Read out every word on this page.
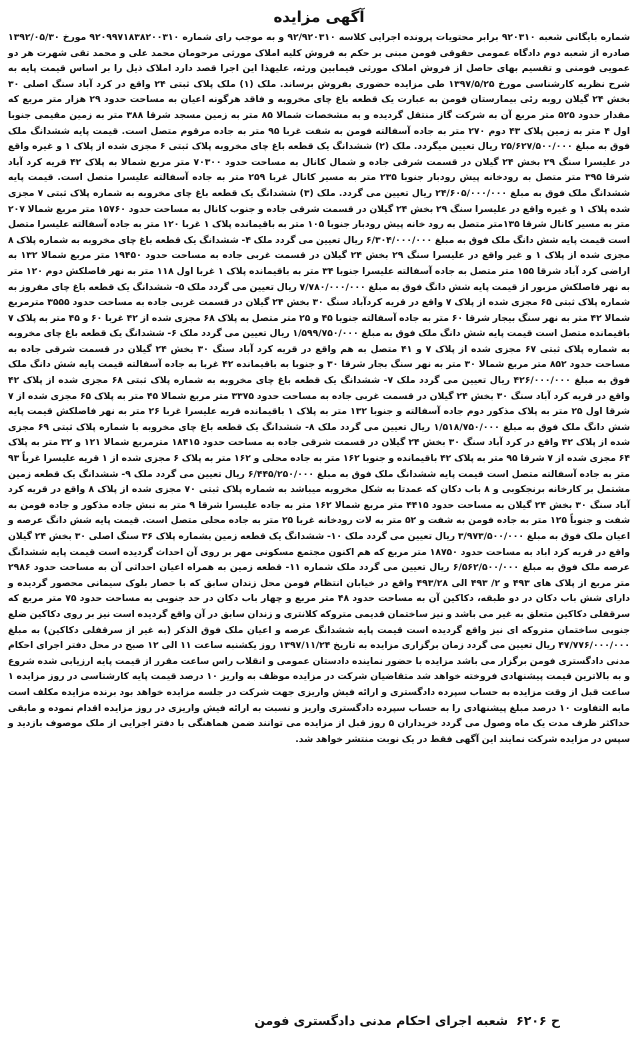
آگهی مزایده

شماره بایگانی شعبه ۹۲۰۳۱۰ برابر محتویات پرونده اجرایی کلاسه ۹۲/۹۲۰۳۱۰ و به موجب رای شماره ۹۲۰۹۹۷۱۸۳۸۲۰۰۳۱۰ مورخ ۱۳۹۲/۰۵/۳۰ صادره از شعبه دوم دادگاه عمومی حقوقی فومن مبنی بر حکم به فروش کلیه املاک مورثی مرحومان محمد علی و محمد تقی شهرت هر دو عمویی فومنی و تقسیم بهای حاصل از فروش املاک مورثی فیمابین ورثه، علیهذا این اجرا قصد دارد املاک ذیل را بر اساس قیمت پایه به شرح نظریه کارشناسی مورخ ۱۳۹۷/۵/۲۵ طی مزایده حضوری بفروش برساند. ملک (۱) ملک پلاک ثبتی ۲۴ واقع در کرد آباد سنگ اصلی ۳۰ بخش ۲۴ گیلان روبه رئی بیمارستان فومن به عبارت یک قطعه باغ چای مخروبه و فاقد هرگونه اعیان به مساحت حدود ۲۹ هزار متر مربع که مقدار حدود ۵۲۵ متر مربع آن به شرکت گاز منتقل گردیده و به مشخصات شمالا ۸۵ متر به زمین مسجد شرقا ۳۸۸ متر به زمین مقیمی جنوبا اول ۴ متر به زمین پلاک ۴۳ دوم ۲۷۰ متر به جاده آسفالته فومن به شفت غربا ۹۵ متر به جاده مرقوم متصل است. قیمت پایه ششدانگ ملک فوق به مبلغ ۲۵/۶۲۷/۵۰۰/۰۰۰ ریال تعیین میگردد. ملک (۲) ششدانگ یک قطعه باغ چای مخروبه پلاک ثبتی ۶ مجزی شده از پلاک ۱ و غیره واقع در علیسرا سنگ ۲۹ بخش ۲۴ گیلان در قسمت شرقی جاده و شمال کانال به مساحت حدود ۷۰۳۰۰ متر مربع شمالا به پلاک ۴۲ قریه کرد آباد شرقا ۳۹۵ متر متصل به رودخانه پیش رودبار جنوبا ۲۳۵ متر به مسیر کانال غربا ۲۵۹ متر به جاده آسفالته علیسرا متصل است. قیمت پایه ششدانگ ملک فوق به مبلغ ۲۴/۶۰۵/۰۰۰/۰۰۰ ریال تعیین می گردد. ملک (۳) ششدانگ یک قطعه باغ چای مخروبه به شماره پلاک ثبتی ۷ مجزی شده پلاک ۱ و غیره واقع در علیسرا سنگ ۲۹ بخش ۲۴ گیلان در قسمت شرقی جاده و جنوب کانال به مساحت حدود ۱۵۷۶۰ متر مربع شمالا ۲۰۷ متر به مسیر کانال شرقا ۱۳۵متر متصل به رود خانه پیش رودبار جنوبا ۱۰۵ متر به باقیمانده پلاک ۱ غربا ۱۲۰ متر به جاده آسفالته علیسرا متصل است قیمت پایه شش دانگ ملک فوق به مبلغ ۶/۳۰۴/۰۰۰/۰۰۰ ریال تعیین می گردد ملک ۴- ششدانگ یک قطعه باغ چای مخروبه به شماره پلاک ۸ مجزی شده از پلاک ۱ و غیر واقع در علیسرا سنگ ۲۹ بخش ۲۴ گیلان در قسمت غربی جاده به مساحت حدود ۱۹۴۵۰ متر مربع شمالا ۱۳۲ به اراضی کرد آباد شرقا ۱۵۵ متر متصل به جاده آسفالته علیسرا جنوبا ۳۴ متر به باقیمانده پلاک ۱ غربا اول ۱۱۸ متر به نهر فاصلکش دوم ۱۲۰ متر به نهر فاصلکش مزبور از قیمت پایه شش دانگ فوق به مبلغ ۷/۷۸۰/۰۰۰/۰۰۰ ریال تعیین می گردد ملک ۵- ششدانگ یک قطعه باغ چای مفروز به شماره پلاک ثبتی ۶۵ مجزی شده از پلاک ۷ واقع در قریه کردآباد سنگ ۳۰ بخش ۲۴ گیلان در قسمت غربی جاده به مساحت حدود ۳۵۵۵ مترمربع شمالا ۴۲ متر به نهر سنگ بیجار شرقا ۶۰ متر به جاده آسفالته جنوبا ۴۵ و ۲۵ متر متصل به پلاک ۶۸ مجزی شده از ۴۲ غربا ۶۰ و ۴۵ متر به پلاک ۷ باقیمانده متصل است قیمت پایه شش دانگ ملک فوق به مبلغ ۱/۵۹۹/۷۵۰/۰۰۰ ریال تعیین می گردد ملک ۶- ششدانگ یک قطعه باغ چای مخروبه به شماره پلاک ثبتی ۶۷ مجزی شده از پلاک ۷ و ۴۱ متصل به هم واقع در قریه کرد آباد سنگ ۳۰ بخش ۲۴ گیلان در قسمت شرقی جاده به مساحت حدود ۸۵۲ متر مربع شمالا ۳۰ متر به نهر سنگ بجار شرقا ۳۰ و جنوبا به باقیمانده ۴۲ غربا به جاده آسفالته قیمت پایه شش دانگ ملک فوق به مبلغ ۴۲۶/۰۰۰/۰۰۰ ریال تعیین می گردد ملک ۷- ششدانگ یک قطعه باغ چای مخروبه به شماره پلاک ثبتی ۶۸ مجزی شده از پلاک ۴۲ واقع در قریه کرد آباد سنگ ۳۰ بخش ۲۴ گیلان در قسمت غربی جاده به مساحت حدود ۳۳۷۵ متر مربع شمالا ۴۵ متر به پلاک ۶۵ مجزی شده از ۷ شرقا اول ۲۵ متر به پلاک مذکور دوم جاده آسفالته و جنوبا ۱۳۲ متر به پلاک ۱ باقیمانده قریه علیسرا غربا ۲۶ متر به نهر فاصلکش قیمت پایه شش دانگ ملک فوق به مبلغ ۱/۵۱۸/۷۵۰/۰۰۰ ریال تعیین می گردد ملک ۸- ششدانگ یک قطعه باغ چای مخروبه با شماره پلاک ثبتی ۶۹ مجزی شده از پلاک ۴۲ واقع در کرد آباد سنگ ۳۰ بخش ۲۴ گیلان در قسمت شرقی جاده به مساحت حدود ۱۸۴۱۵ مترمربع شمالا ۱۲۱ و ۳۲ متر به پلاک ۶۴ مجزی شده از ۷ شرقا ۹۵ متر به پلاک ۴۲ باقیمانده و جنوبا ۱۶۲ متر به جاده محلی و ۱۶۲ متر به پلاک ۶ مجزی شده از ۱ قریه علیسرا غرباً ۹۳ متر به جاده آسفالته متصل است قیمت پایه ششدانگ ملک فوق به مبلغ ۶/۴۴۵/۲۵۰/۰۰۰ ریال تعیین می گردد ملک ۹- ششدانگ یک قطعه زمین مشتمل بر کارخانه برنجکوبی و ۸ باب دکان که عمدتا به شکل مخروبه میباشد به شماره پلاک ثبتی ۷۰ مجزی شده از پلاک ۸ واقع در قریه کرد آباد سنگ ۳۰ بخش ۲۴ گیلان به مساحت حدود ۴۴۱۵ متر مربع شمالا ۱۶۲ متر به جاده علیسرا شرقا ۹ متر به نبش جاده مذکور و جاده فومن به شفت و جنوباً ۱۲۵ متر به جاده فومن به شفت و ۵۲ متر به لات رودخانه غربا ۲۵ متر به جاده محلی متصل است. قیمت پایه شش دانگ عرصه و اعیان ملک فوق به مبلغ ۳/۹۷۳/۵۰۰/۰۰۰ ریال تعیین می گردد ملک ۱۰- ششدانگ یک قطعه زمین بشماره پلاک ۳۶ سنگ اصلی ۳۰ بخش ۲۴ گیلان واقع در قریه کرد اباد به مساحت حدود ۱۸۷۵۰ متر مربع که هم اکنون مجتمع مسکونی مهر بر روی آن احداث گردیده است قیمت پایه ششدانگ عرصه ملک فوق به مبلغ ۶/۵۶۲/۵۰۰/۰۰۰ ریال تعیین می گردد ملک شماره ۱۱- قطعه زمین به همراه اعیان احداثی آن به مساحت حدود ۲۹۸۶ متر مربع از پلاک های ۴۹۳ و ۲/ ۴۹۳ الی ۴۹۳/۲۸ واقع در خیابان انتظام فومن محل زندان سابق که با حصار بلوک سیمانی محصور گردیده و دارای شش باب دکان در دو طبقه، دکاکین آن به مساحت حدود ۴۸ متر مربع و چهار باب دکان در حد جنوبی به مساحت حدود ۷۵ متر مربع که سرقفلی دکاکین متعلق به غیر می باشد و نیز ساختمان قدیمی متروکه کلانتری و زندان سابق در آن واقع گردیده است نیز بر روی دکاکین ضلع جنوبی ساختمان متروکه ای نیز واقع گردیده است قیمت پایه ششدانگ عرصه و اعیان ملک فوق الذکر (به غیر از سرقفلی دکاکین) به مبلغ ۴۷/۷۷۶/۰۰۰/۰۰۰ ریال تعیین می گردد زمان برگزاری مزایده به تاریخ ۱۳۹۷/۱۱/۲۴ روز یکشنبه ساعت ۱۱ الی ۱۲ صبح در محل دفتر اجرای احکام مدنی دادگستری فومن برگزار می باشد مزایده با حضور نماینده دادستان عمومی و انقلاب راس ساعت مقرر از قیمت پایه ارزیابی شده شروع و به بالاترین قیمت پیشنهادی فروخته خواهد شد متقاضیان شرکت در مزایده موظف به واریز ۱۰ درصد قیمت پایه کارشناسی در روز مزایده ۱ ساعت قبل از وقت مزایده به حساب سپرده دادگستری و ارائه فیش واریزی جهت شرکت در جلسه مزایده خواهد بود برنده مزایده مکلف است مابه التفاوت ۱۰ درصد مبلغ پیشنهادی را به حساب سپرده دادگستری واریز و نسبت به ارائه فیش واریزی در روز مزایده اقدام نموده و مابقی حداکثر ظرف مدت یک ماه وصول می گردد خریداران ۵ روز قبل از مزایده می توانند ضمن هماهنگی با دفتر اجرایی از ملک موصوف بازدید و سپس در مزایده شرکت نمایند این آگهی فقط در یک نوبت منتشر خواهد شد.

ح ۶۲۰۶
شعبه اجرای احکام مدنی دادگستری فومن
